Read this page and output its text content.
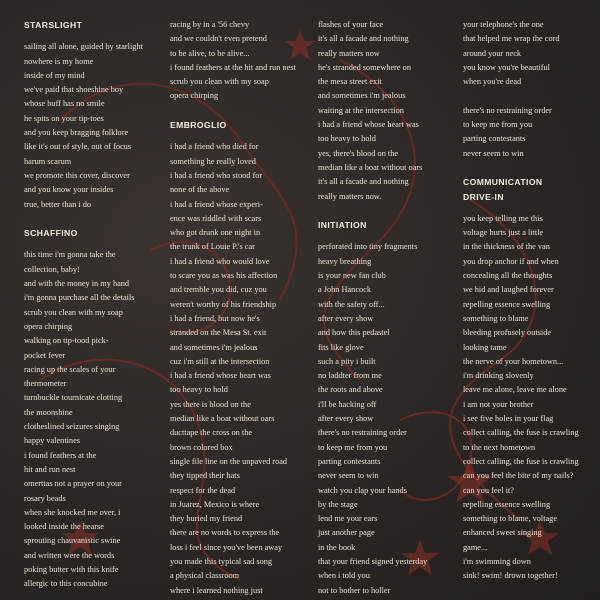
STARSLIGHT
sailing all alone, guided by starlight
nowhere is my home
inside of my mind
we've paid that shoeshine boy
whose buff has no smile
he spits on your tip-toes
and you keep bragging folklore
like it's out of style, out of focus
harum scarum
we promote this cover, discover
and you know your insides
true, better than i do
SCHAFFINO
this time i'm gonna take the
collection, baby!
and with the money in my hand
i'm gonna purchase all the details
scrub you clean with my soap
opera chirping
walking on tip-tood pick-
pocket fever
racing up the scales of your
thermometer
turnbuckle tournicate clotting
the moonshine
clotheslined seizures singing
happy valentines
i found feathers at the
hit and run nest
omerttas not a prayer on your
rosary beads
when she knocked me over, i
looked inside the hearse
sprouting chauvanistic swine
and written were the words
poking butter with this knife
allergic to this concubine
racing by in a '56 chevy
and we couldn't even pretend
to be alive, to be alive...
i found feathers at the hit and run nest
scrub you clean with my soap
opera chirping
EMBROGLIO
i had a friend who died for
something he really loved
i had a friend who stood for
none of the above
i had a friend whose experi-
ence was riddled with scars
who got drunk one night in
the trunk of Louie P.'s car
i had a friend who would love
to scare you as was his affection
and tremble you did, cuz you
weren't worthy of his friendship
i had a friend, but now he's
stranded on the Mesa St. exit
and sometimes i'm jealous
cuz i'm still at the intersection
i had a friend whose heart was
too heavy to hold
yes there is blood on the
median like a boat without oars
ducttape the cross on the
brown colored box
single file line on the unpaved road
they tipped their hats
respect for the dead
in Juarez, Mexico is where
they buried my friend
there are no words to express the
loss i feel since you've been away
you made this typical sad song
a physical classroom
where i learned nothing just
flashes of your face
it's all a facade and nothing
really matters now
he's stranded somewhere on
the mesa street exit
and sometimes i'm jealous
waiting at the intersection
i had a friend whose heart was
too heavy to hold
yes, there's blood on the
median like a boat without oars
it's all a facade and nothing
really matters now.
INITIATION
perforated into tiny fragments
heavy breathing
is your new fan club
a John Hancock
with the safety off...
after every show
and how this pedastel
fits like glove
such a pity i built
no laddter from me
the roots and above
i'll be hacking off
after every show
there's no restraining order
to keep me from you
parting contestants
never seem to win
watch you clap your hands
by the stage
lend me your ears
just another page
in the book
that your friend signed yesterday
when i told you
not to bother to holler
your telephone's the one
that helped me wrap the cord
around your neck
you know you're beautiful
when you're dead

there's no restraining order
to keep me from you
parting contestants
never seem to win
COMMUNICATION
DRIVE-IN
you keep telling me this
voltage hurts just a little
in the thickness of the van
you drop anchor if and when
concealing all the thoughts
we hid and laughed forever
repelling essence swelling
something to blame
bleeding profusely outside
looking tame
the nerve of your hometown...
i'm drinking slovenly
leave me alone, leave me alone
i am not your brother
i see five holes in your flag
collect calling, the fuse is crawling
to the next hometown
collect calling, the fuse is crawling
can you feel the bite of my nails?
can you feel it?
repelling essence swelling
something to blame, voltage
enhanced sweet singing
game...
i'm swimming down
sink! swim! drown together!
